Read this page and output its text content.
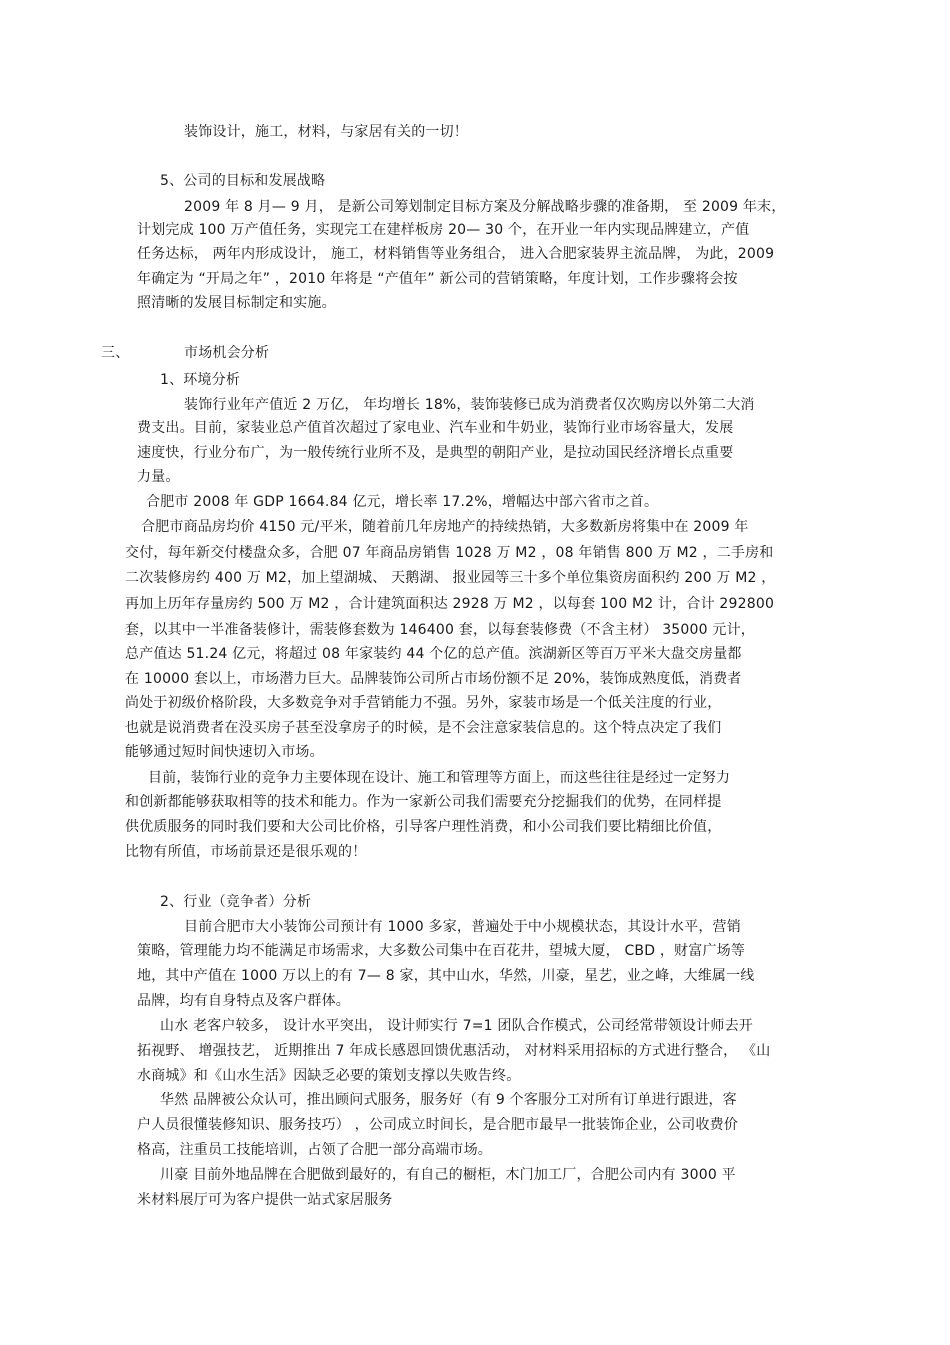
装饰设计，施工，材料，与家居有关的一切！
5、公司的目标和发展战略
2009 年 8 月— 9 月， 是新公司筹划制定目标方案及分解战略步骤的准备期， 至 2009 年末，
计划完成 100 万产值任务，实现完工在建样板房 20— 30 个，在开业一年内实现品牌建立，产值
任务达标， 两年内形成设计， 施工，材料销售等业务组合， 进入合肥家装界主流品牌， 为此，2009
年确定为 “开局之年” ，2010 年将是 “产值年” 新公司的营销策略，年度计划，工作步骤将会按
照清晰的发展目标制定和实施。
三、	市场机会分析
1、环境分析
装饰行业年产值近 2 万亿， 年均增长 18%，装饰装修已成为消费者仅次购房以外第二大消
费支出。目前，家装业总产值首次超过了家电业、汽车业和牛奶业，装饰行业市场容量大，发展
速度快，行业分布广，为一般传统行业所不及，是典型的朝阳产业，是拉动国民经济增长点重要
力量。
合肥市 2008 年 GDP 1664.84 亿元，增长率 17.2%，增幅达中部六省市之首。
合肥市商品房均价 4150 元/平米，随着前几年房地产的持续热销，大多数新房将集中在 2009 年
交付，每年新交付楼盘众多，合肥 07 年商品房销售 1028 万 M2 ，08 年销售 800 万 M2 ，二手房和
二次装修房约 400 万 M2，加上望湖城、 天鹅湖、 报业园等三十多个单位集资房面积约 200 万 M2 ，
再加上历年存量房约 500 万 M2 ，合计建筑面积达 2928 万 M2 ，以每套 100 M2 计，合计 292800
套，以其中一半准备装修计，需装修套数为 146400 套，以每套装修费（不含主材） 35000 元计，
总产值达 51.24 亿元，将超过 08 年家装约 44 个亿的总产值。滨湖新区等百万平米大盘交房量都
在 10000 套以上，市场潜力巨大。品牌装饰公司所占市场份额不足 20%，装饰成熟度低，消费者
尚处于初级价格阶段，大多数竞争对手营销能力不强。另外，家装市场是一个低关注度的行业，
也就是说消费者在没买房子甚至没拿房子的时候，是不会注意家装信息的。这个特点决定了我们
能够通过短时间快速切入市场。
目前，装饰行业的竞争力主要体现在设计、施工和管理等方面上，而这些往往是经过一定努力
和创新都能够获取相等的技术和能力。作为一家新公司我们需要充分挖掘我们的优势，在同样提
供优质服务的同时我们要和大公司比价格，引导客户理性消费，和小公司我们要比精细比价值，
比物有所值，市场前景还是很乐观的！
2、行业（竞争者）分析
目前合肥市大小装饰公司预计有 1000 多家，普遍处于中小规模状态，其设计水平，营销
策略，管理能力均不能满足市场需求，大多数公司集中在百花井，望城大厦， CBD ，财富广场等
地，其中产值在 1000 万以上的有 7— 8 家，其中山水，华然，川豪，星艺，业之峰，大维属一线
品牌，均有自身特点及客户群体。
山水 老客户较多， 设计水平突出， 设计师实行 7=1 团队合作模式，公司经常带领设计师去开
拓视野、 增强技艺， 近期推出 7 年成长感恩回馈优惠活动， 对材料采用招标的方式进行整合， 《山
水商城》和《山水生活》因缺乏必要的策划支撑以失败告终。
华然 品牌被公众认可，推出顾问式服务，服务好（有 9 个客服分工对所有订单进行跟进，客
户人员很懂装修知识、服务技巧） ，公司成立时间长，是合肥市最早一批装饰企业，公司收费价
格高，注重员工技能培训，占领了合肥一部分高端市场。
川豪 目前外地品牌在合肥做到最好的，有自己的橱柜，木门加工厂，合肥公司内有 3000 平
米材料展厅可为客户提供一站式家居服务
